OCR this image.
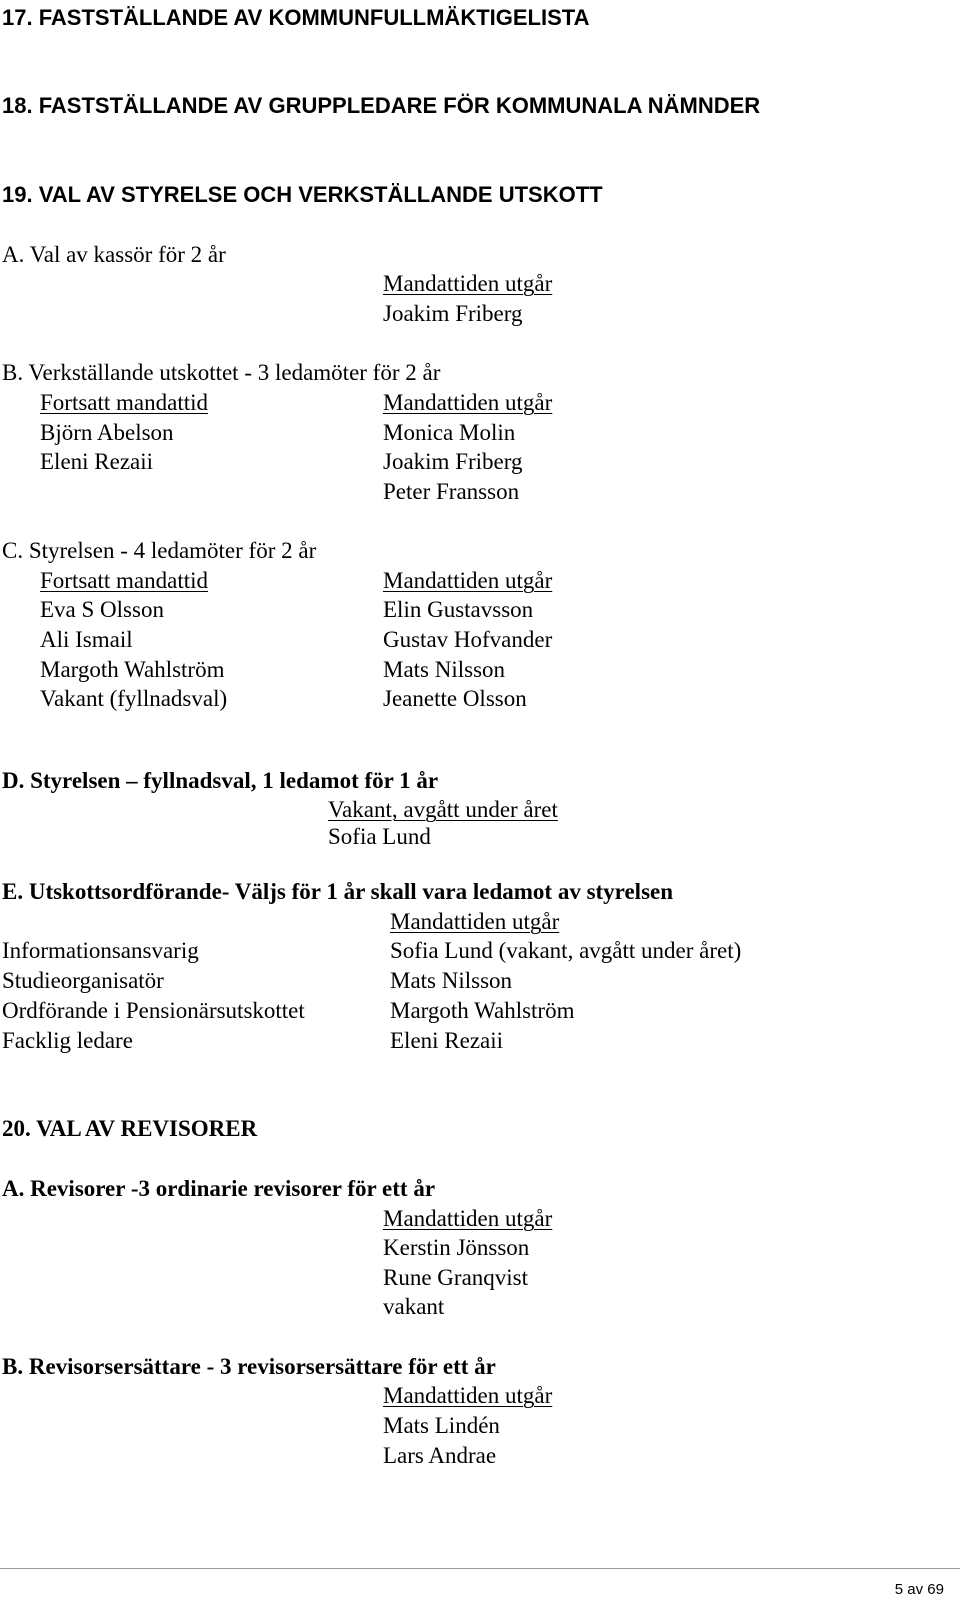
17. FASTSTÄLLANDE AV KOMMUNFULLMÄKTIGELISTA
18. FASTSTÄLLANDE AV GRUPPLEDARE FÖR KOMMUNALA NÄMNDER
19. VAL AV STYRELSE OCH VERKSTÄLLANDE UTSKOTT
A. Val av kassör för 2 år
Mandattiden utgår
Joakim Friberg
B. Verkställande utskottet - 3 ledamöter för 2 år
Fortsatt mandattid	Mandattiden utgår
Björn Abelson
Eleni Rezaii
Monica Molin
Joakim Friberg
Peter Fransson
C. Styrelsen - 4 ledamöter för 2 år
Fortsatt mandattid	Mandattiden utgår
Eva S Olsson
Ali Ismail
Margoth Wahlström
Vakant (fyllnadsval)
Elin Gustavsson
Gustav Hofvander
Mats Nilsson
Jeanette Olsson
D. Styrelsen – fyllnadsval, 1 ledamot för 1 år
Vakant, avgått under året
Sofia Lund
E. Utskottsordförande- Väljs för 1 år skall vara ledamot av styrelsen
Mandattiden utgår
Informationsansvarig
Studieorganisatör
Ordförande i Pensionärsutskottet
Facklig ledare
Sofia Lund (vakant, avgått under året)
Mats Nilsson
Margoth Wahlström
Eleni Rezaii
20. VAL AV REVISORER
A. Revisorer -3 ordinarie revisorer för ett år
Mandattiden utgår
Kerstin Jönsson
Rune Granqvist
vakant
B. Revisorsersättare - 3 revisorsersättare för ett år
Mandattiden utgår
Mats Lindén
Lars Andrae
5 av 69
